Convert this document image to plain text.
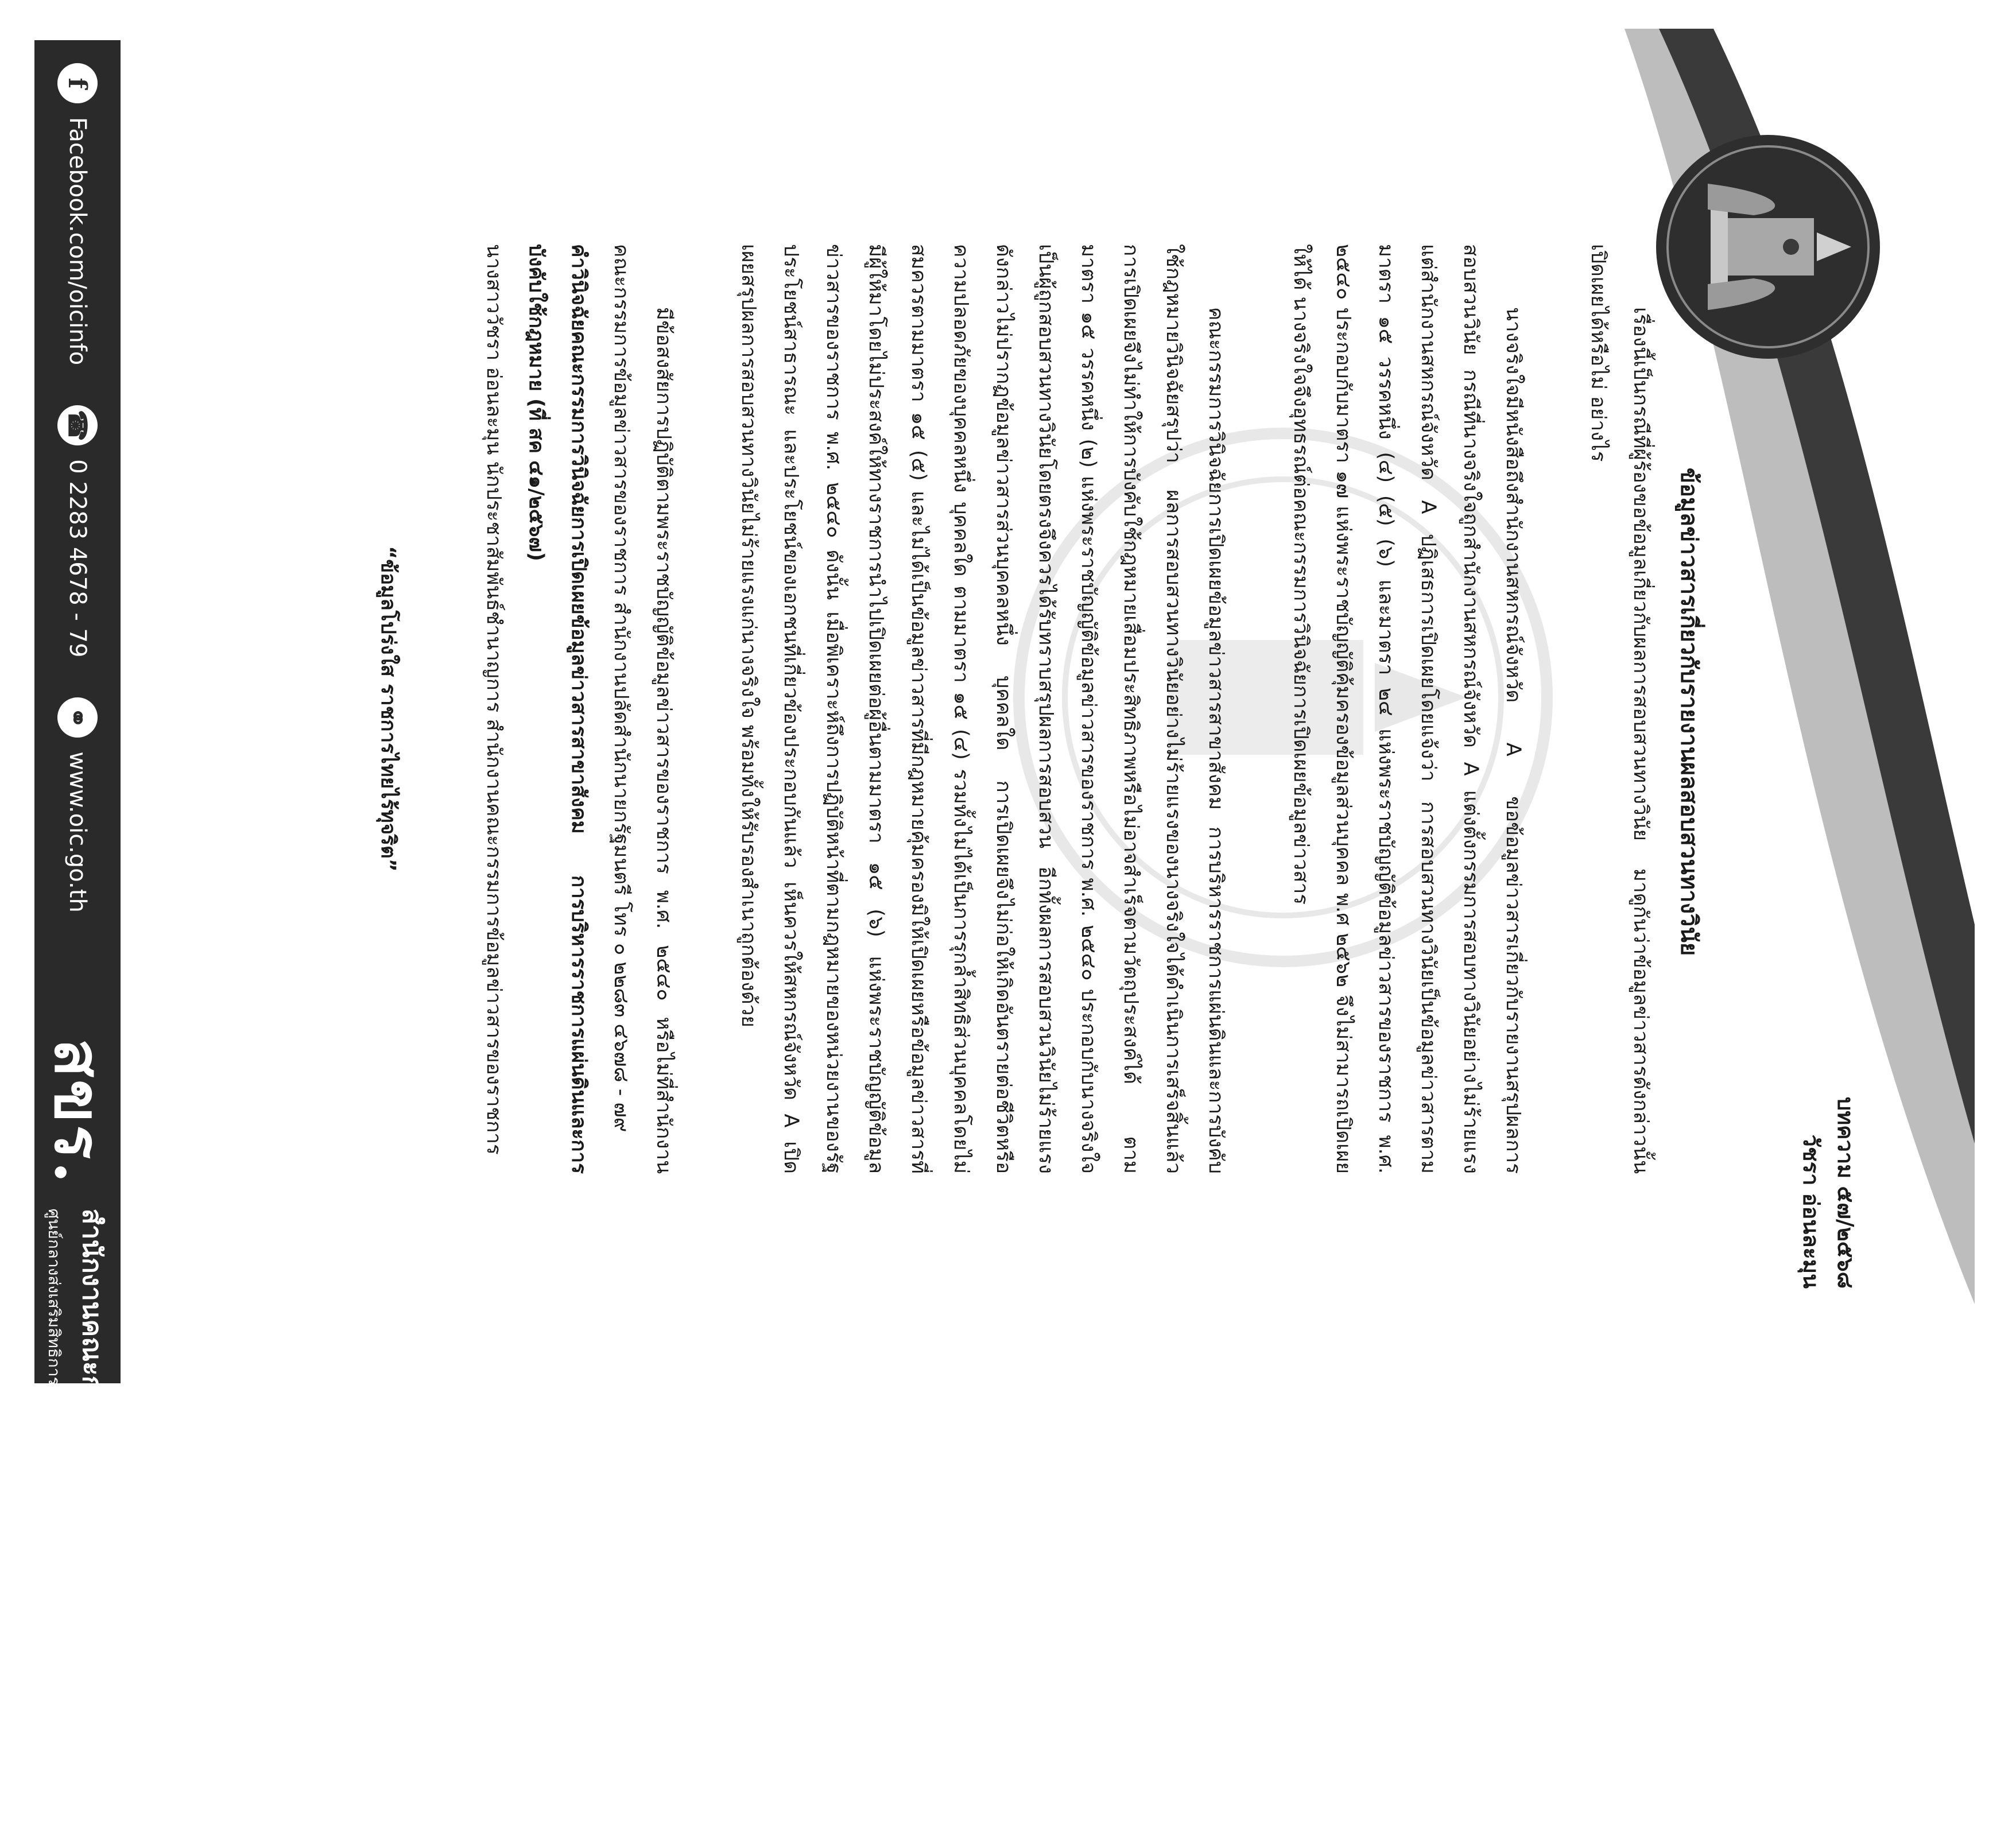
f
Facebook.com/oicinfo
☎
0 2283 4678 - 79
⚭
www.oic.go.th
สขร.
สำนักงานคณะกรรมการข้อมูลข่าวสารของราชการ
ศูนย์กลางส่งเสริมสิทธิการรู้ของประชาชน ผู้เดินหน้าการพัฒนาระบบข้อมูลข่าวสารแห่งชาติ
บทความ ๕๗/๒๕๖๘
วัชรา อ่อนละมุน
ข้อมูลข่าวสารเกี่ยวกับรายงานผลสอบสวนทางวินัย

เรื่องนี้เป็นกรณีที่ผู้ร้องขอข้อมูลเกี่ยวกับผลการสอบสวนทางวินัย มาดูกันว่าข้อมูลข่าวสารดังกล่าวนั้นเปิดเผยได้หรือไม่ อย่างไร

นางจริงใจมีหนังสือถึงสำนักงานสหกรณ์จังหวัด A ขอข้อมูลข่าวสารเกี่ยวกับรายงานสรุปผลการสอบสวนวินัย กรณีที่นางจริงใจถูกสำนักงานสหกรณ์จังหวัด A แต่งตั้งกรรมการสอบทางวินัยอย่างไม่ร้ายแรง แต่สำนักงานสหกรณ์จังหวัด A ปฏิเสธการเปิดเผยโดยแจ้งว่า การสอบสวนทางวินัยเป็นข้อมูลข่าวสารตามมาตรา ๑๕ วรรคหนึ่ง (๔) (๕) (๖) และมาตรา ๒๔ แห่งพระราชบัญญัติข้อมูลข่าวสารของราชการ พ.ศ. ๒๕๔๐ ประกอบกับมาตรา ๑๗ แห่งพระราชบัญญัติคุ้มครองข้อมูลส่วนบุคคล พ.ศ ๒๕๖๒ จึงไม่สามารถเปิดเผยให้ได้ นางจริงใจจึงอุทธรณ์ต่อคณะกรรมการวินิจฉัยการเปิดเผยข้อมูลข่าวสาร

คณะกรรมการวินิจฉัยการเปิดเผยข้อมูลข่าวสารสาขาสังคม การบริหารราชการแผ่นดินและการบังคับใช้กฎหมายวินิจฉัยสรุปว่า ผลการสอบสวนทางวินัยอย่างไม่ร้ายแรงของนางจริงใจได้ดำเนินการเสร็จสิ้นแล้ว การเปิดเผยจึงไม่ทำให้การบังคับใช้กฎหมายเสื่อมประสิทธิภาพหรือไม่อาจสำเร็จตามวัตถุประสงค์ได้ ตามมาตรา ๑๕ วรรคหนึ่ง (๒) แห่งพระราชบัญญัติข้อมูลข่าวสารของราชการ พ.ศ. ๒๕๔๐ ประกอบกับนางจริงใจเป็นผู้ถูกสอบสวนทางวินัยโดยตรงจึงควรได้รับทราบสรุปผลการสอบสวน อีกทั้งผลการสอบสวนวินัยไม่ร้ายแรงดังกล่าวไม่ปรากฏข้อมูลข่าวสารส่วนบุคคลหนึ่ง บุคคลใด การเปิดเผยจึงไม่ก่อให้เกิดอันตรายต่อชีวิตหรือความปลอดภัยของบุคคลหนึ่ง บุคคลใด ตามมาตรา ๑๕ (๔) รวมทั้งไม่ได้เป็นการรุกล้ำสิทธิส่วนบุคคลโดยไม่สมควรตามมาตรา ๑๕ (๕) และไม่ได้เป็นข้อมูลข่าวสารที่มีกฎหมายคุ้มครองมิให้เปิดเผยหรือข้อมูลข่าวสารที่มีผู้ให้มาโดยไม่ประสงค์ให้ทางราชการนำไปเปิดเผยต่อผู้อื่นตามมาตรา ๑๕ (๖) แห่งพระราชบัญญัติข้อมูลข่าวสารของราชการ พ.ศ. ๒๕๔๐ ดังนั้น เมื่อพิเคราะห์ถึงการปฏิบัติหน้าที่ตามกฎหมายของหน่วยงานของรัฐประโยชน์สาธารณะ และประโยชน์ของเอกชนที่เกี่ยวข้องประกอบกันแล้ว เห็นควรให้สหกรณ์จังหวัด A เปิดเผยสรุปผลการสอบสวนทางวินัยไม่ร้ายแรงแก่นางจริงใจ พร้อมทั้งให้รับรองสำเนาถูกต้องด้วย

มีข้อสงสัยการปฏิบัติตามพระราชบัญญัติข้อมูลข่าวสารของราชการ พ.ศ. ๒๕๔๐ หรือไม่ที่สำนักงานคณะกรรมการข้อมูลข่าวสารของราชการ สำนักงานปลัดสำนักนายกรัฐมนตรี โทร ๐ ๒๒๘๓ ๔๖๗๘ - ๗๙

คำวินิจฉัยคณะกรรมการวินิจฉัยการเปิดเผยข้อมูลข่าวสารสาขาสังคม การบริหารราชการแผ่นดินและการบังคับใช้กฎหมาย (ที่ สค ๔๑/๒๕๖๗)

นางสาววัชรา อ่อนละมุน นักประชาสัมพันธ์ชำนาญการ สำนักงานคณะกรรมการข้อมูลข่าวสารของราชการ

“ข้อมูลโปร่งใส ราชการไทยไร้ทุจริต”
